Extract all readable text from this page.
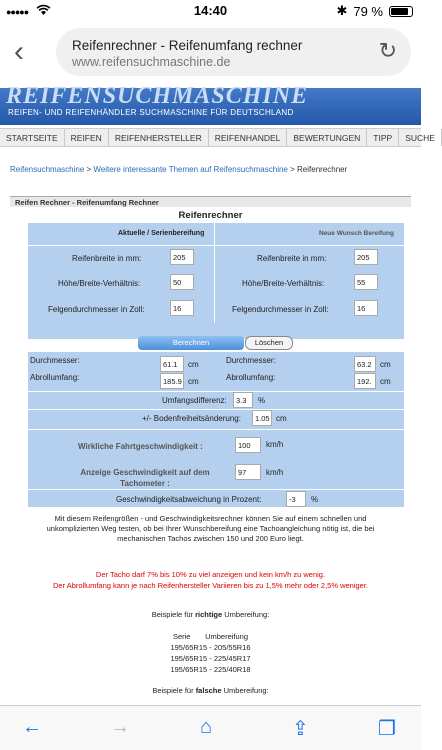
●●●●●	14:40	✱ 79 %
‹	Reifenrechner - Reifenumfang rechner
www.reifensuchmaschine.de	↻
REIFENSUCHMASCHINE
REIFEN- UND REIFENHÄNDLER SUCHMASCHINE FÜR DEUTSCHLAND
STARTSEITE	REIFEN	REIFENHERSTELLER	REIFENHANDEL	BEWERTUNGEN	TIPP	SUCHE
Reifensuchmaschine > Weitere interessante Themen auf Reifensuchmaschine > Reifenrechner
Reifen Rechner - Reifenumfang Rechner
Reifenrechner
Aktuelle / Serienbereifung	Neue Wunsch Bereifung
Reifenbreite in mm:	205	Reifenbreite in mm:	205
Höhe/Breite-Verhältnis:	50	Höhe/Breite-Verhältnis:	55
Felgendurchmesser in Zoll:	16	Felgendurchmesser in Zoll:	16
Berechnen	Löschen
Durchmesser:	61.1	cm	Durchmesser:	63.2	cm
Abrollumfang:	185.9 cm	Abrollumfang:	192.	cm
Umfangsdifferenz:	3.3	%
+/- Bodenfreiheitsänderung:	1.05 cm
Wirkliche Fahrtgeschwindigkeit :	100	km/h
Anzeige Geschwindigkeit auf dem Tachometer :
97	km/h
Geschwindigkeitsabweichung in Prozent:	-3	%
Mit diesem Reifengrößen - und Geschwindigkeitsrechner können Sie auf einem schnellen und unkomplizierten Weg testen, ob bei Ihrer Wunschbereifung eine Tachoangleichung nötig ist, die bei mechanischen Tachos zwischen 150 und 200 Euro liegt.
Der Tacho darf 7% bis 10% zu viel anzeigen und kein km/h zu wenig.
Der Abrollumfang kann je nach Reifenhersteller Variieren bis zu 1,5% mehr oder 2,5% weniger.
Beispiele für richtige Umbereifung:
Serie       Umbereifung
195/65R15 - 205/55R16
195/65R15 - 225/45R17
195/65R15 - 225/40R18
Beispiele für falsche Umbereifung:
←	→	⌂	⇪	❐
